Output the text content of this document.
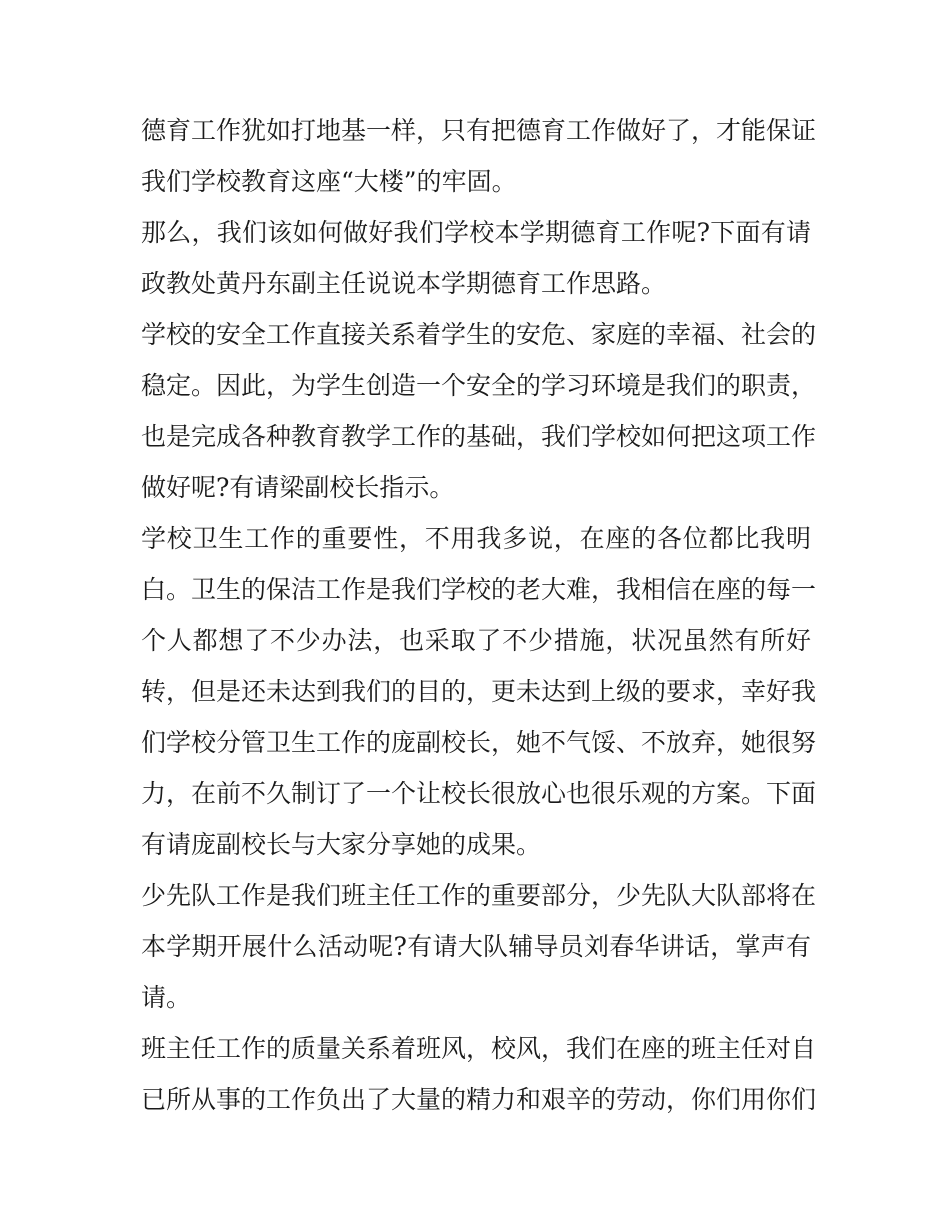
德育工作犹如打地基一样，只有把德育工作做好了，才能保证
我们学校教育这座“大楼”的牢固。
那么，我们该如何做好我们学校本学期德育工作呢?下面有请
政教处黄丹东副主任说说本学期德育工作思路。
学校的安全工作直接关系着学生的安危、家庭的幸福、社会的
稳定。因此，为学生创造一个安全的学习环境是我们的职责，
也是完成各种教育教学工作的基础，我们学校如何把这项工作
做好呢?有请梁副校长指示。
学校卫生工作的重要性，不用我多说，在座的各位都比我明
白。卫生的保洁工作是我们学校的老大难，我相信在座的每一
个人都想了不少办法，也采取了不少措施，状况虽然有所好
转，但是还未达到我们的目的，更未达到上级的要求，幸好我
们学校分管卫生工作的庞副校长，她不气馁、不放弃，她很努
力，在前不久制订了一个让校长很放心也很乐观的方案。下面
有请庞副校长与大家分享她的成果。
少先队工作是我们班主任工作的重要部分，少先队大队部将在
本学期开展什么活动呢?有请大队辅导员刘春华讲话，掌声有
请。
班主任工作的质量关系着班风，校风，我们在座的班主任对自
已所从事的工作负出了大量的精力和艰辛的劳动，你们用你们
